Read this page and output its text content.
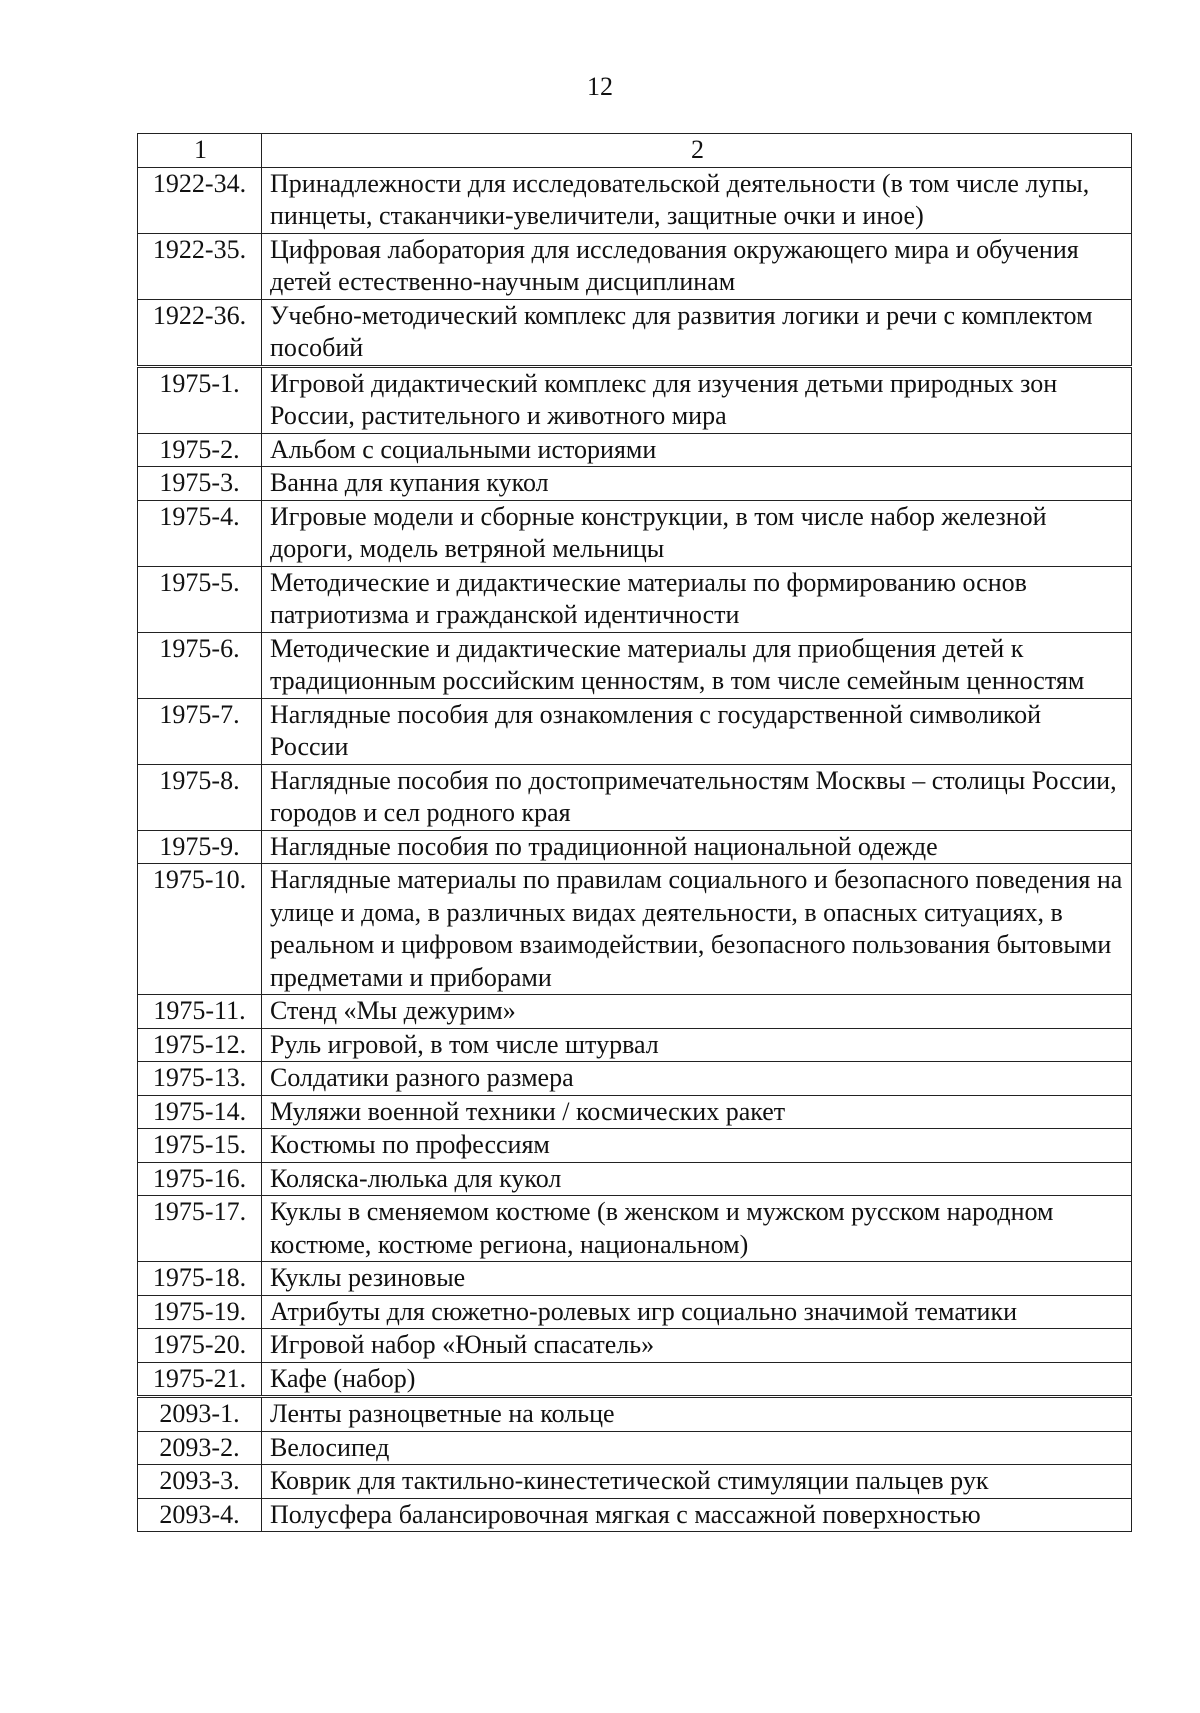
12
1	2
1922-34.	Принадлежности для исследовательской деятельности (в том числе лупы, пинцеты, стаканчики-увеличители, защитные очки и иное)
1922-35.	Цифровая лаборатория для исследования окружающего мира и обучения детей естественно-научным дисциплинам
1922-36.	Учебно-методический комплекс для развития логики и речи с комплектом пособий
1975-1.	Игровой дидактический комплекс для изучения детьми природных зон России, растительного и животного мира
1975-2.	Альбом с социальными историями
1975-3.	Ванна для купания кукол
1975-4.	Игровые модели и сборные конструкции, в том числе набор железной дороги, модель ветряной мельницы
1975-5.	Методические и дидактические материалы по формированию основ патриотизма и гражданской идентичности
1975-6.	Методические и дидактические материалы для приобщения детей к традиционным российским ценностям, в том числе семейным ценностям
1975-7.	Наглядные пособия для ознакомления с государственной символикой России
1975-8.	Наглядные пособия по достопримечательностям Москвы – столицы России, городов и сел родного края
1975-9.	Наглядные пособия по традиционной национальной одежде
1975-10.	Наглядные материалы по правилам социального и безопасного поведения на улице и дома, в различных видах деятельности, в опасных ситуациях, в реальном и цифровом взаимодействии, безопасного пользования бытовыми предметами и приборами
1975-11.	Стенд «Мы дежурим»
1975-12.	Руль игровой, в том числе штурвал
1975-13.	Солдатики разного размера
1975-14.	Муляжи военной техники / космических ракет
1975-15.	Костюмы по профессиям
1975-16.	Коляска-люлька для кукол
1975-17.	Куклы в сменяемом костюме (в женском и мужском русском народном костюме, костюме региона, национальном)
1975-18.	Куклы резиновые
1975-19.	Атрибуты для сюжетно-ролевых игр социально значимой тематики
1975-20.	Игровой набор «Юный спасатель»
1975-21.	Кафе (набор)
2093-1.	Ленты разноцветные на кольце
2093-2.	Велосипед
2093-3.	Коврик для тактильно-кинестетической стимуляции пальцев рук
2093-4.	Полусфера балансировочная мягкая с массажной поверхностью
